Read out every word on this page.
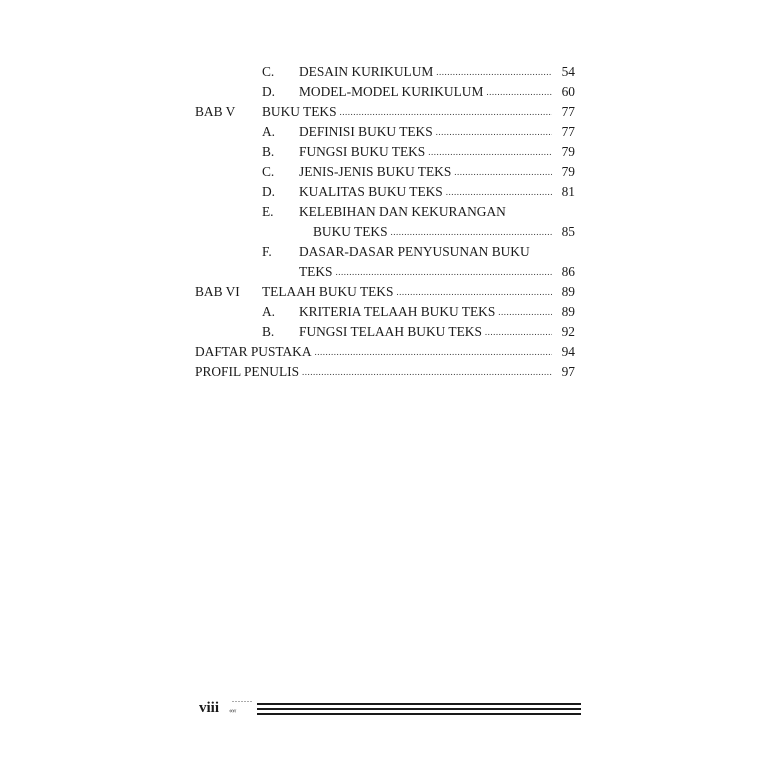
C. DESAIN KURIKULUM .....	54
D. MODEL-MODEL KURIKULUM .....	60
BAB V BUKU TEKS .....	77
A. DEFINISI BUKU TEKS .....	77
B. FUNGSI BUKU TEKS .....	79
C. JENIS-JENIS BUKU TEKS .....	79
D. KUALITAS BUKU TEKS .....	81
E. KELEBIHAN DAN KEKURANGAN
BUKU TEKS .....	85
F. DASAR-DASAR PENYUSUNAN BUKU
TEKS .....	86
BAB VI TELAAH BUKU TEKS .....	89
A. KRITERIA TELAAH BUKU TEKS .....	89
B. FUNGSI TELAAH BUKU TEKS .....	92
DAFTAR PUSTAKA .....	94
PROFIL PENULIS .....	97
viii
.......
‹‹‹‹
